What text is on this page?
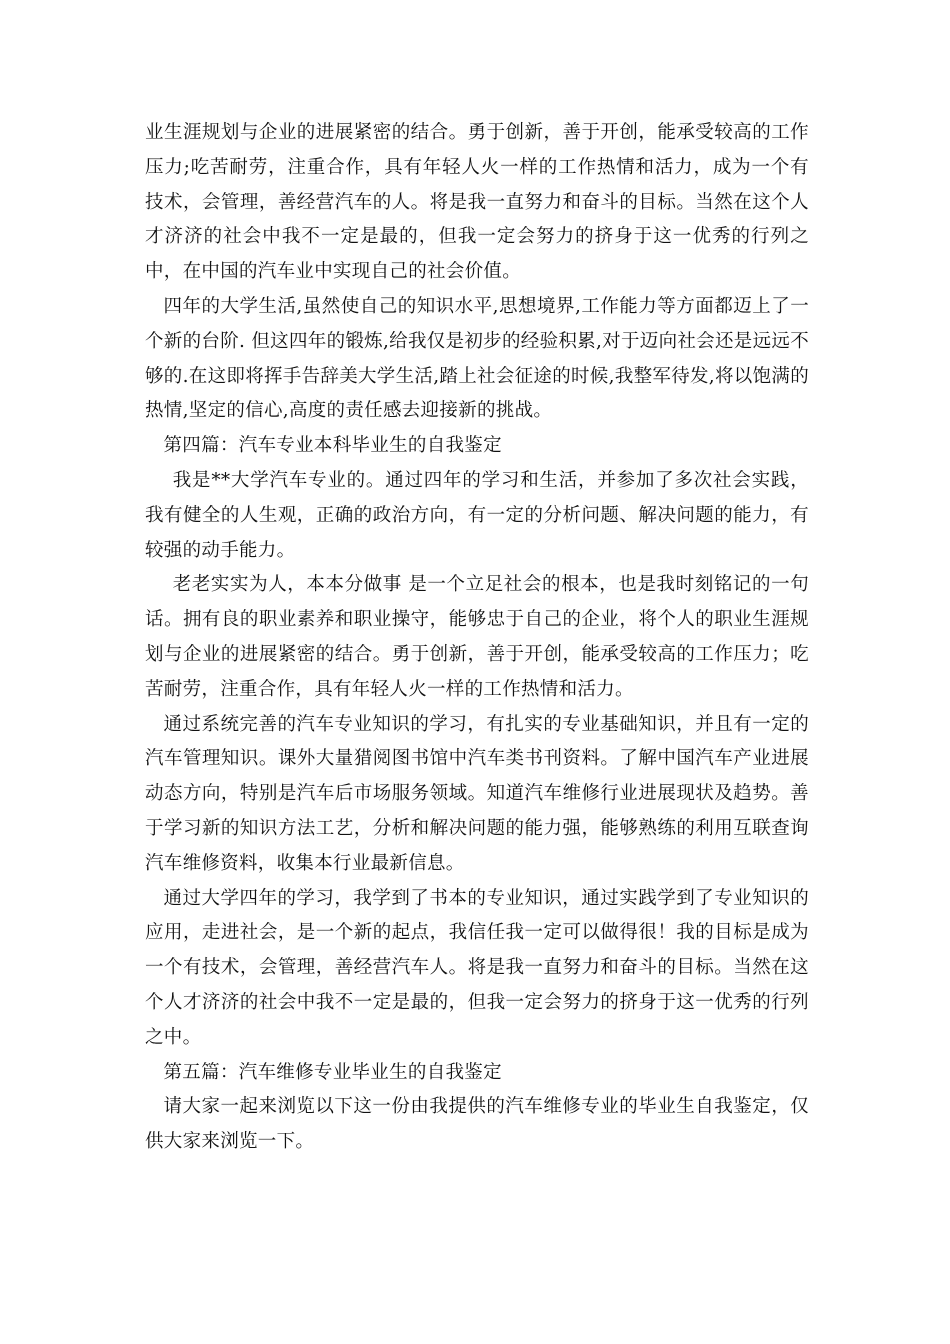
业生涯规划与企业的进展紧密的结合。勇于创新，善于开创，能承受较高的工作压力;吃苦耐劳，注重合作，具有年轻人火一样的工作热情和活力，成为一个有技术，会管理，善经营汽车的人。将是我一直努力和奋斗的目标。当然在这个人才济济的社会中我不一定是最的，但我一定会努力的挤身于这一优秀的行列之中，在中国的汽车业中实现自己的社会价值。

四年的大学生活,虽然使自己的知识水平,思想境界,工作能力等方面都迈上了一个新的台阶. 但这四年的锻炼,给我仅是初步的经验积累,对于迈向社会还是远远不够的.在这即将挥手告辞美大学生活,踏上社会征途的时候,我整军待发,将以饱满的热情,坚定的信心,高度的责任感去迎接新的挑战。

第四篇：汽车专业本科毕业生的自我鉴定

我是**大学汽车专业的。通过四年的学习和生活，并参加了多次社会实践，我有健全的人生观，正确的政治方向，有一定的分析问题、解决问题的能力，有较强的动手能力。

老老实实为人，本本分做事 是一个立足社会的根本，也是我时刻铭记的一句话。拥有良的职业素养和职业操守，能够忠于自己的企业，将个人的职业生涯规划与企业的进展紧密的结合。勇于创新，善于开创，能承受较高的工作压力；吃苦耐劳，注重合作，具有年轻人火一样的工作热情和活力。

通过系统完善的汽车专业知识的学习，有扎实的专业基础知识，并且有一定的汽车管理知识。课外大量猎阅图书馆中汽车类书刊资料。了解中国汽车产业进展动态方向，特别是汽车后市场服务领域。知道汽车维修行业进展现状及趋势。善于学习新的知识方法工艺，分析和解决问题的能力强，能够熟练的利用互联查询汽车维修资料，收集本行业最新信息。

通过大学四年的学习，我学到了书本的专业知识，通过实践学到了专业知识的应用，走进社会，是一个新的起点，我信任我一定可以做得很！我的目标是成为一个有技术，会管理，善经营汽车人。将是我一直努力和奋斗的目标。当然在这个人才济济的社会中我不一定是最的，但我一定会努力的挤身于这一优秀的行列之中。

第五篇：汽车维修专业毕业生的自我鉴定

请大家一起来浏览以下这一份由我提供的汽车维修专业的毕业生自我鉴定，仅供大家来浏览一下。
